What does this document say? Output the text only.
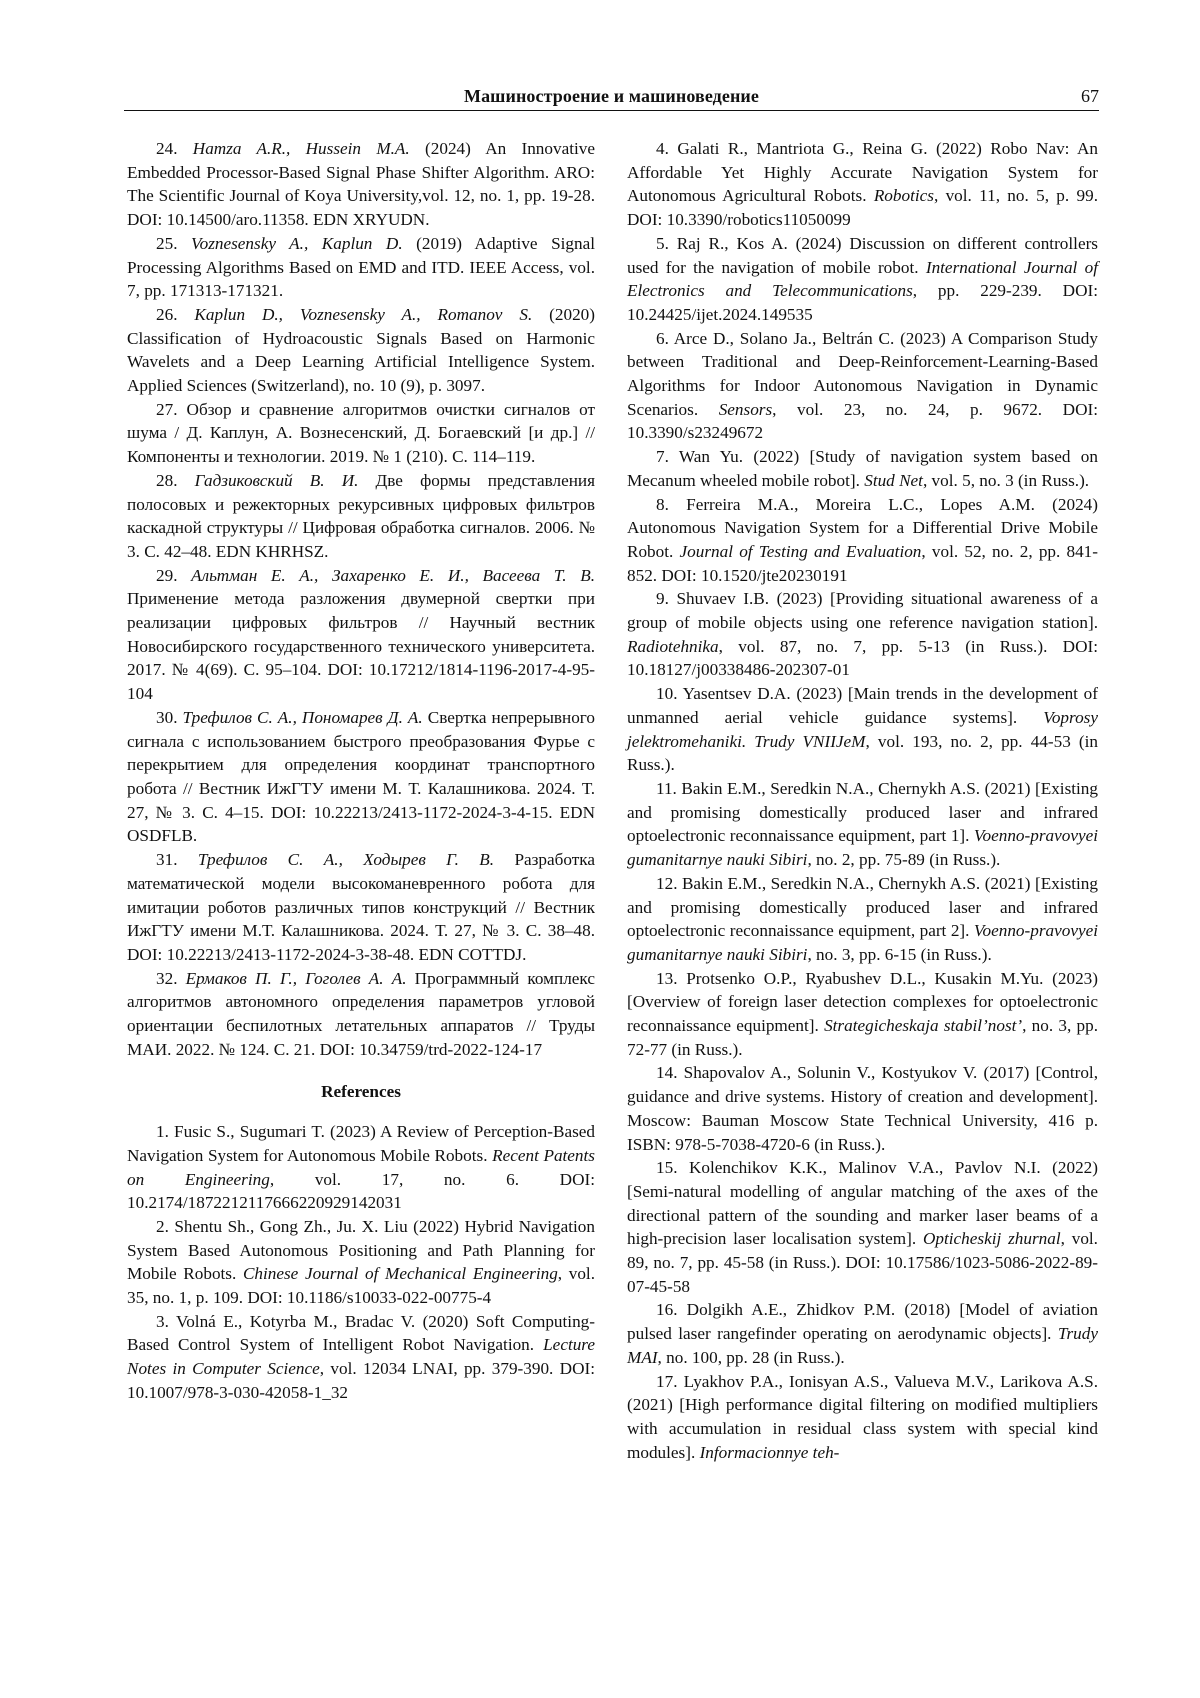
Машиностроение и машиноведение	67

24. Hamza A.R., Hussein M.A. (2024) An Innovative Embedded Processor-Based Signal Phase Shifter Algorithm. ARO: The Scientific Journal of Koya University,vol. 12, no. 1, pp. 19-28. DOI: 10.14500/aro.11358. EDN XRYUDN.

25. Voznesensky A., Kaplun D. (2019) Adaptive Signal Processing Algorithms Based on EMD and ITD. IEEE Access, vol. 7, pp. 171313-171321.

26. Kaplun D., Voznesensky A., Romanov S. (2020) Classification of Hydroacoustic Signals Based on Harmonic Wavelets and a Deep Learning Artificial Intelligence System. Applied Sciences (Switzerland), no. 10 (9), p. 3097.

27. Обзор и сравнение алгоритмов очистки сигналов от шума / Д. Каплун, А. Вознесенский, Д. Богаевский [и др.] // Компоненты и технологии. 2019. № 1 (210). С. 114–119.

28. Гадзиковский В. И. Две формы представления полосовых и режекторных рекурсивных цифровых фильтров каскадной структуры // Цифровая обработка сигналов. 2006. № 3. С. 42–48. EDN KHRHSZ.

29. Альтман Е. А., Захаренко Е. И., Васеева Т. В. Применение метода разложения двумерной свертки при реализации цифровых фильтров // Научный вестник Новосибирского государственного технического университета. 2017. № 4(69). С. 95–104. DOI: 10.17212/1814-1196-2017-4-95-104

30. Трефилов С. А., Пономарев Д. А. Свертка непрерывного сигнала с использованием быстрого преобразования Фурье с перекрытием для определения координат транспортного робота // Вестник ИжГТУ имени М. Т. Калашникова. 2024. Т. 27, № 3. С. 4–15. DOI: 10.22213/2413-1172-2024-3-4-15. EDN OSDFLB.

31. Трефилов С. А., Ходырев Г. В. Разработка математической модели высокоманевренного робота для имитации роботов различных типов конструкций // Вестник ИжГТУ имени М.Т. Калашникова. 2024. Т. 27, № 3. С. 38–48. DOI: 10.22213/2413-1172-2024-3-38-48. EDN COTTDJ.

32. Ермаков П. Г., Гоголев А. А. Программный комплекс алгоритмов автономного определения параметров угловой ориентации беспилотных летательных аппаратов // Труды МАИ. 2022. № 124. С. 21. DOI: 10.34759/trd-2022-124-17

References

1. Fusic S., Sugumari T. (2023) A Review of Perception-Based Navigation System for Autonomous Mobile Robots. Recent Patents on Engineering, vol. 17, no. 6. DOI: 10.2174/1872212117666220929142031

2. Shentu Sh., Gong Zh., Ju. X. Liu (2022) Hybrid Navigation System Based Autonomous Positioning and Path Planning for Mobile Robots. Chinese Journal of Mechanical Engineering, vol. 35, no. 1, p. 109. DOI: 10.1186/s10033-022-00775-4

3. Volná E., Kotyrba M., Bradac V. (2020) Soft Computing-Based Control System of Intelligent Robot Navigation. Lecture Notes in Computer Science, vol. 12034 LNAI, pp. 379-390. DOI: 10.1007/978-3-030-42058-1_32

4. Galati R., Mantriota G., Reina G. (2022) Robo Nav: An Affordable Yet Highly Accurate Navigation System for Autonomous Agricultural Robots. Robotics, vol. 11, no. 5, p. 99. DOI: 10.3390/robotics11050099

5. Raj R., Kos A. (2024) Discussion on different controllers used for the navigation of mobile robot. International Journal of Electronics and Telecommunications, pp. 229-239. DOI: 10.24425/ijet.2024.149535

6. Arce D., Solano Ja., Beltrán C. (2023) A Comparison Study between Traditional and Deep-Reinforcement-Learning-Based Algorithms for Indoor Autonomous Navigation in Dynamic Scenarios. Sensors, vol. 23, no. 24, p. 9672. DOI: 10.3390/s23249672

7. Wan Yu. (2022) [Study of navigation system based on Mecanum wheeled mobile robot]. Stud Net, vol. 5, no. 3 (in Russ.).

8. Ferreira M.A., Moreira L.C., Lopes A.M. (2024) Autonomous Navigation System for a Differential Drive Mobile Robot. Journal of Testing and Evaluation, vol. 52, no. 2, pp. 841-852. DOI: 10.1520/jte20230191

9. Shuvaev I.B. (2023) [Providing situational awareness of a group of mobile objects using one reference navigation station]. Radiotehnika, vol. 87, no. 7, pp. 5-13 (in Russ.). DOI: 10.18127/j00338486-202307-01

10. Yasentsev D.A. (2023) [Main trends in the development of unmanned aerial vehicle guidance systems]. Voprosy jelektromehaniki. Trudy VNIIJeM, vol. 193, no. 2, pp. 44-53 (in Russ.).

11. Bakin E.M., Seredkin N.A., Chernykh A.S. (2021) [Existing and promising domestically produced laser and infrared optoelectronic reconnaissance equipment, part 1]. Voenno-pravovyei gumanitarnye nauki Sibiri, no. 2, pp. 75-89 (in Russ.).

12. Bakin E.M., Seredkin N.A., Chernykh A.S. (2021) [Existing and promising domestically produced laser and infrared optoelectronic reconnaissance equipment, part 2]. Voenno-pravovyei gumanitarnye nauki Sibiri, no. 3, pp. 6-15 (in Russ.).

13. Protsenko O.P., Ryabushev D.L., Kusakin M.Yu. (2023) [Overview of foreign laser detection complexes for optoelectronic reconnaissance equipment]. Strategicheskaja stabil’nost’, no. 3, pp. 72-77 (in Russ.).

14. Shapovalov A., Solunin V., Kostyukov V. (2017) [Control, guidance and drive systems. History of creation and development]. Moscow: Bauman Moscow State Technical University, 416 p. ISBN: 978-5-7038-4720-6 (in Russ.).

15. Kolenchikov K.K., Malinov V.A., Pavlov N.I. (2022) [Semi-natural modelling of angular matching of the axes of the directional pattern of the sounding and marker laser beams of a high-precision laser localisation system]. Opticheskij zhurnal, vol. 89, no. 7, pp. 45-58 (in Russ.). DOI: 10.17586/1023-5086-2022-89-07-45-58

16. Dolgikh A.E., Zhidkov P.M. (2018) [Model of aviation pulsed laser rangefinder operating on aerodynamic objects]. Trudy MAI, no. 100, pp. 28 (in Russ.).

17. Lyakhov P.A., Ionisyan A.S., Valueva M.V., Larikova A.S. (2021) [High performance digital filtering on modified multipliers with accumulation in residual class system with special kind modules]. Informacionnye teh-
